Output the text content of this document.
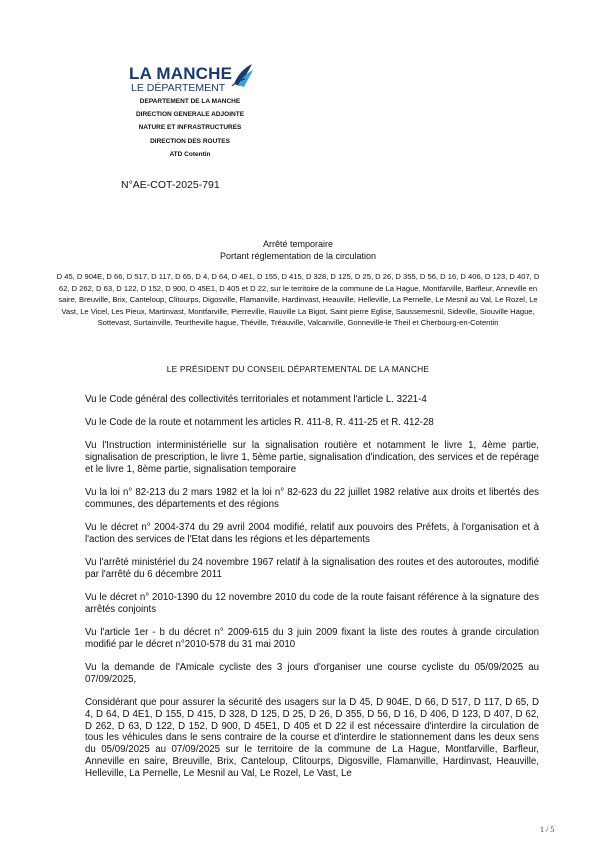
LA MANCHE
LE DÉPARTEMENT
DEPARTEMENT DE LA MANCHE
DIRECTION GENERALE ADJOINTE
NATURE ET INFRASTRUCTURES
DIRECTION DES ROUTES
ATD Cotentin
N°AE-COT-2025-791
Arrêté temporaire
Portant réglementation de la circulation
D 45, D 904E, D 66, D 517, D 117, D 65, D 4, D 64, D 4E1, D 155, D 415, D 328, D 125, D 25, D 26, D 355, D 56, D 16, D 406, D 123, D 407, D 62, D 262, D 63, D 122, D 152, D 900, D 45E1, D 405 et D 22, sur le territoire de la commune de La Hague, Montfarville, Barfleur, Anneville en saire, Breuville, Brix, Canteloup, Clitourps, Digosville, Flamanville, Hardinvast, Heauville, Helleville, La Pernelle, Le Mesnil au Val, Le Rozel, Le Vast, Le Vicel, Les Pieux, Martinvast, Montfarville, Pierreville, Rauville La Bigot, Saint pierre Eglise, Saussemesnil, Sideville, Siouville Hague, Sottevast, Surtainville, Teurtheville hague, Théville, Tréauville, Valcanville, Gonneville-le Theil et Cherbourg-en-Cotentin
LE PRÉSIDENT DU CONSEIL DÉPARTEMENTAL DE LA MANCHE
Vu le Code général des collectivités territoriales et notamment l'article L. 3221-4
Vu le Code de la route et notamment les articles R. 411-8, R. 411-25 et R. 412-28
Vu l'Instruction interministérielle sur la signalisation routière et notamment le livre 1, 4ème partie, signalisation de prescription, le livre 1, 5ème partie, signalisation d'indication, des services et de repérage et le livre 1, 8ème partie, signalisation temporaire
Vu la loi n° 82-213 du 2 mars 1982 et la loi n° 82-623 du 22 juillet 1982 relative aux droits et libertés des communes, des départements et des régions
Vu le décret n° 2004-374 du 29 avril 2004 modifié, relatif aux pouvoirs des Préfets, à l'organisation et à l'action des services de l'Etat dans les régions et les départements
Vu l'arrêté ministériel du 24 novembre 1967 relatif à la signalisation des routes et des autoroutes, modifié par l'arrêté du 6 décembre 2011
Vu le décret n° 2010-1390 du 12 novembre 2010 du code de la route faisant référence à la signature des arrêtés conjoints
Vu l'article 1er - b du décret n° 2009-615 du 3 juin 2009 fixant la liste des routes à grande circulation modifié par le décret n°2010-578 du 31 mai 2010
Vu la demande de l'Amicale cycliste des 3 jours d'organiser une course cycliste du 05/09/2025 au 07/09/2025,
Considérant que pour assurer la sécurité des usagers sur la D 45, D 904E, D 66, D 517, D 117, D 65, D 4, D 64, D 4E1, D 155, D 415, D 328, D 125, D 25, D 26, D 355, D 56, D 16, D 406, D 123, D 407, D 62, D 262, D 63, D 122, D 152, D 900, D 45E1, D 405 et D 22 il est nécessaire d'interdire la circulation de tous les véhicules dans le sens contraire de la course et d'interdire le stationnement dans les deux sens du 05/09/2025 au 07/09/2025 sur le territoire de la commune de La Hague, Montfarville, Barfleur, Anneville en saire, Breuville, Brix, Canteloup, Clitourps, Digosville, Flamanville, Hardinvast, Heauville, Helleville, La Pernelle, Le Mesnil au Val, Le Rozel, Le Vast, Le
1 / 5
